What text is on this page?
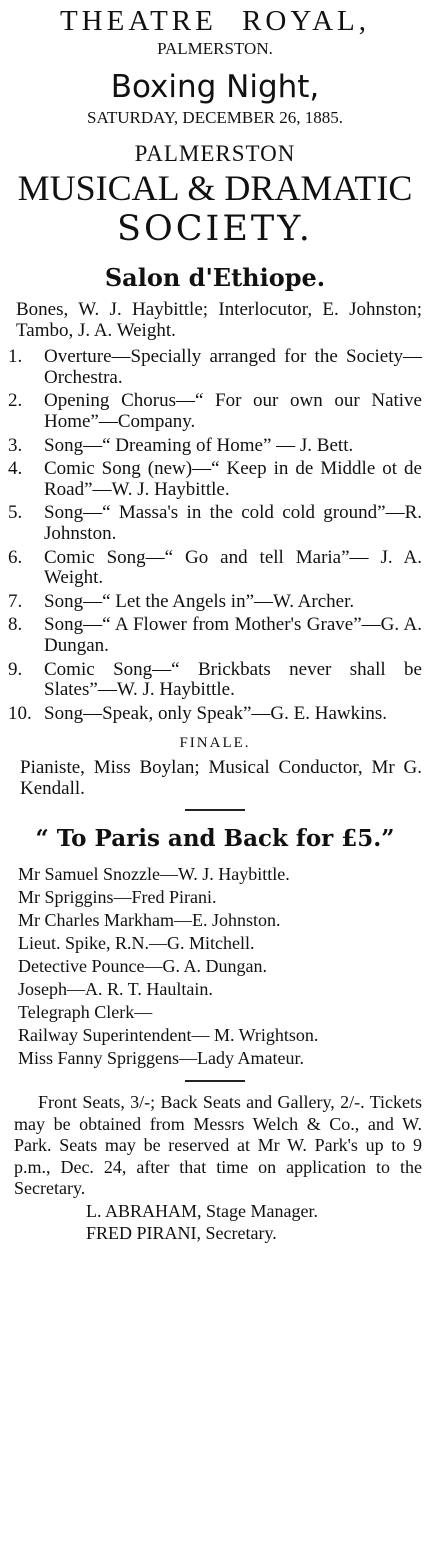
THEATRE ROYAL,

PALMERSTON.

Boxing Night,

SATURDAY, DECEMBER 26, 1885.

PALMERSTON

MUSICAL & DRAMATIC

SOCIETY.

Salon d'Ethiope.

Bones, W. J. Haybittle; Interlocutor, E. Johnston; Tambo, J. A. Weight.

1.	Overture—Specially arranged for the Society—Orchestra.
2.	Opening Chorus—“ For our own our Native Home”—Company.
3.	Song—“ Dreaming of Home” — J. Bett.
4.	Comic Song (new)—“ Keep in de Middle ot de Road”—W. J. Haybittle.
5.	Song—“ Massa's in the cold cold ground”—R. Johnston.
6.	Comic Song—“ Go and tell Maria”— J. A. Weight.
7.	Song—“ Let the Angels in”—W. Archer.
8.	Song—“ A Flower from Mother's Grave”—G. A. Dungan.
9.	Comic Song—“ Brickbats never shall be Slates”—W. J. Haybittle.
10. Song—Speak, only Speak”—G. E. Hawkins.

FINALE.

Pianiste, Miss Boylan; Musical Conductor, Mr G. Kendall.

“ To Paris and Back for £5.”

Mr Samuel Snozzle—W. J. Haybittle.
Mr Spriggins—Fred Pirani.
Mr Charles Markham—E. Johnston.
Lieut. Spike, R.N.—G. Mitchell.
Detective Pounce—G. A. Dungan.
Joseph—A. R. T. Haultain.
Telegraph Clerk—
Railway Superintendent— M. Wrightson.
Miss Fanny Spriggens—Lady Amateur.

Front Seats, 3/-; Back Seats and Gallery, 2/-. Tickets may be obtained from Messrs Welch & Co., and W. Park. Seats may be reserved at Mr W. Park's up to 9 p.m., Dec. 24, after that time on application to the Secretary.

L. ABRAHAM, Stage Manager.

FRED PIRANI, Secretary.
